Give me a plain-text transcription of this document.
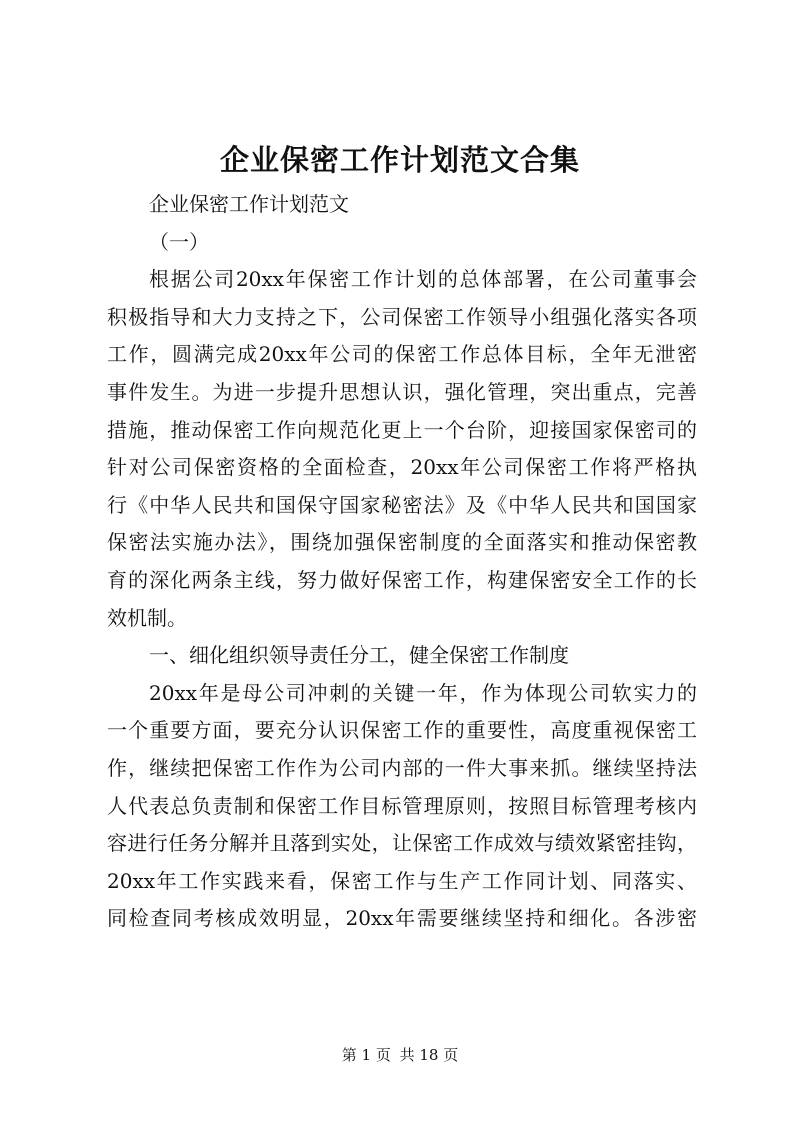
企业保密工作计划范文合集
企业保密工作计划范文
（一）
根据公司20xx年保密工作计划的总体部署，在公司董事会
积极指导和大力支持之下，公司保密工作领导小组强化落实各项
工作，圆满完成20xx年公司的保密工作总体目标，全年无泄密
事件发生。为进一步提升思想认识，强化管理，突出重点，完善
措施，推动保密工作向规范化更上一个台阶，迎接国家保密司的
针对公司保密资格的全面检查，20xx年公司保密工作将严格执
行《中华人民共和国保守国家秘密法》及《中华人民共和国国家
保密法实施办法》，围绕加强保密制度的全面落实和推动保密教
育的深化两条主线，努力做好保密工作，构建保密安全工作的长
效机制。
一、细化组织领导责任分工，健全保密工作制度
20xx年是母公司冲刺的关键一年，作为体现公司软实力的
一个重要方面，要充分认识保密工作的重要性，高度重视保密工
作，继续把保密工作作为公司内部的一件大事来抓。继续坚持法
人代表总负责制和保密工作目标管理原则，按照目标管理考核内
容进行任务分解并且落到实处，让保密工作成效与绩效紧密挂钩，
20xx年工作实践来看，保密工作与生产工作同计划、同落实、
同检查同考核成效明显，20xx年需要继续坚持和细化。各涉密
第 1 页 共 18 页
